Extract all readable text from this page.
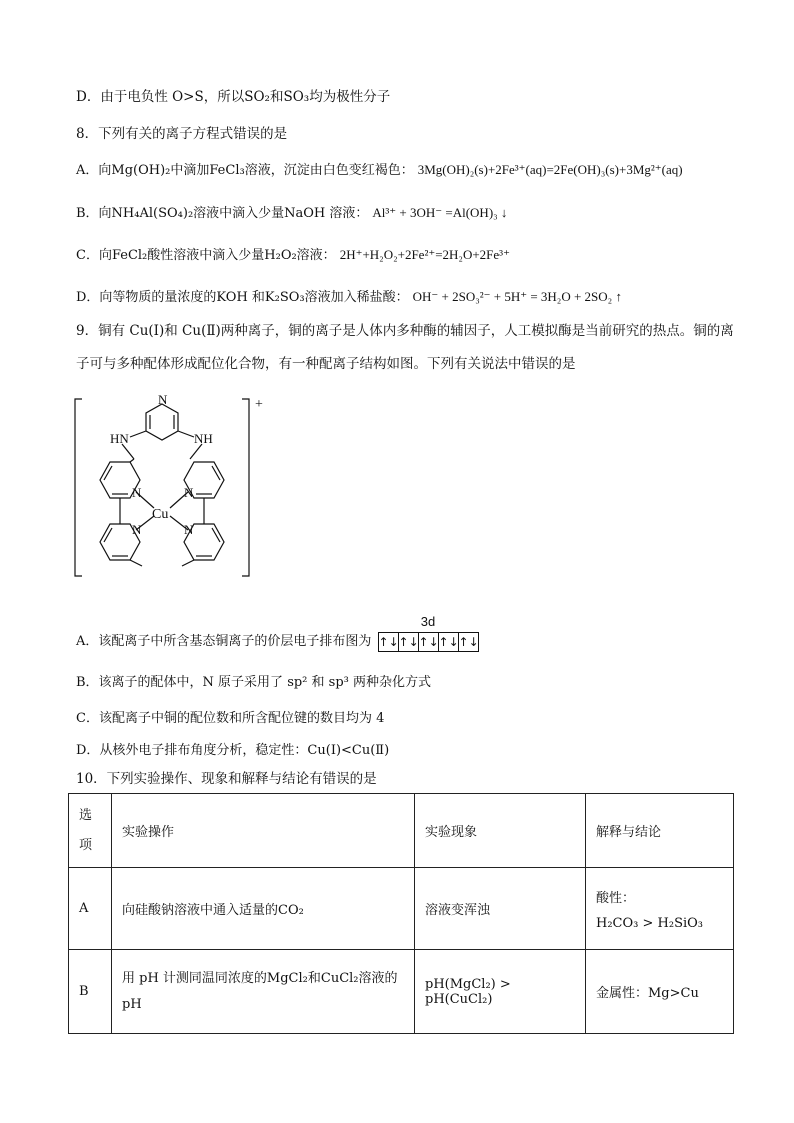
D．由于电负性 O>S，所以SO₂和SO₃均为极性分子
8．下列有关的离子方程式错误的是
A．向Mg(OH)₂中滴加FeCl₃溶液，沉淀由白色变红褐色： 3Mg(OH)₂(s)+2Fe³⁺(aq)=2Fe(OH)₃(s)+3Mg²⁺(aq)
B．向NH₄Al(SO₄)₂溶液中滴入少量NaOH 溶液： Al³⁺ + 3OH⁻ =Al(OH)₃ ↓
C．向FeCl₂酸性溶液中滴入少量H₂O₂溶液： 2H⁺+H₂O₂+2Fe²⁺=2H₂O+2Fe³⁺
D．向等物质的量浓度的KOH 和K₂SO₃溶液加入稀盐酸： OH⁻ + 2SO₃²⁻ + 5H⁺ = 3H₂O + 2SO₂ ↑
9．铜有 Cu(Ⅰ)和 Cu(Ⅱ)两种离子，铜的离子是人体内多种酶的辅因子，人工模拟酶是当前研究的热点。铜的离子可与多种配体形成配位化合物，有一种配离子结构如图。下列有关说法中错误的是
N
HN	NH
N	N
N	N
Cu
+
A．该配离子中所含基态铜离子的价层电子排布图为
3d
↑↓ ↑↓ ↑↓ ↑↓ ↑↓
B．该离子的配体中，N 原子采用了 sp² 和 sp³ 两种杂化方式
C．该配离子中铜的配位数和所含配位键的数目均为 4
D．从核外电子排布角度分析，稳定性：Cu(Ⅰ)<Cu(Ⅱ)
10．下列实验操作、现象和解释与结论有错误的是
选项	实验操作	实验现象	解释与结论
A	向硅酸钠溶液中通入适量的CO₂	溶液变浑浊	酸性：
H₂CO₃ > H₂SiO₃

B	用 pH 计测同温同浓度的MgCl₂和CuCl₂溶液的pH	pH(MgCl₂) > pH(CuCl₂)	金属性：Mg>Cu
